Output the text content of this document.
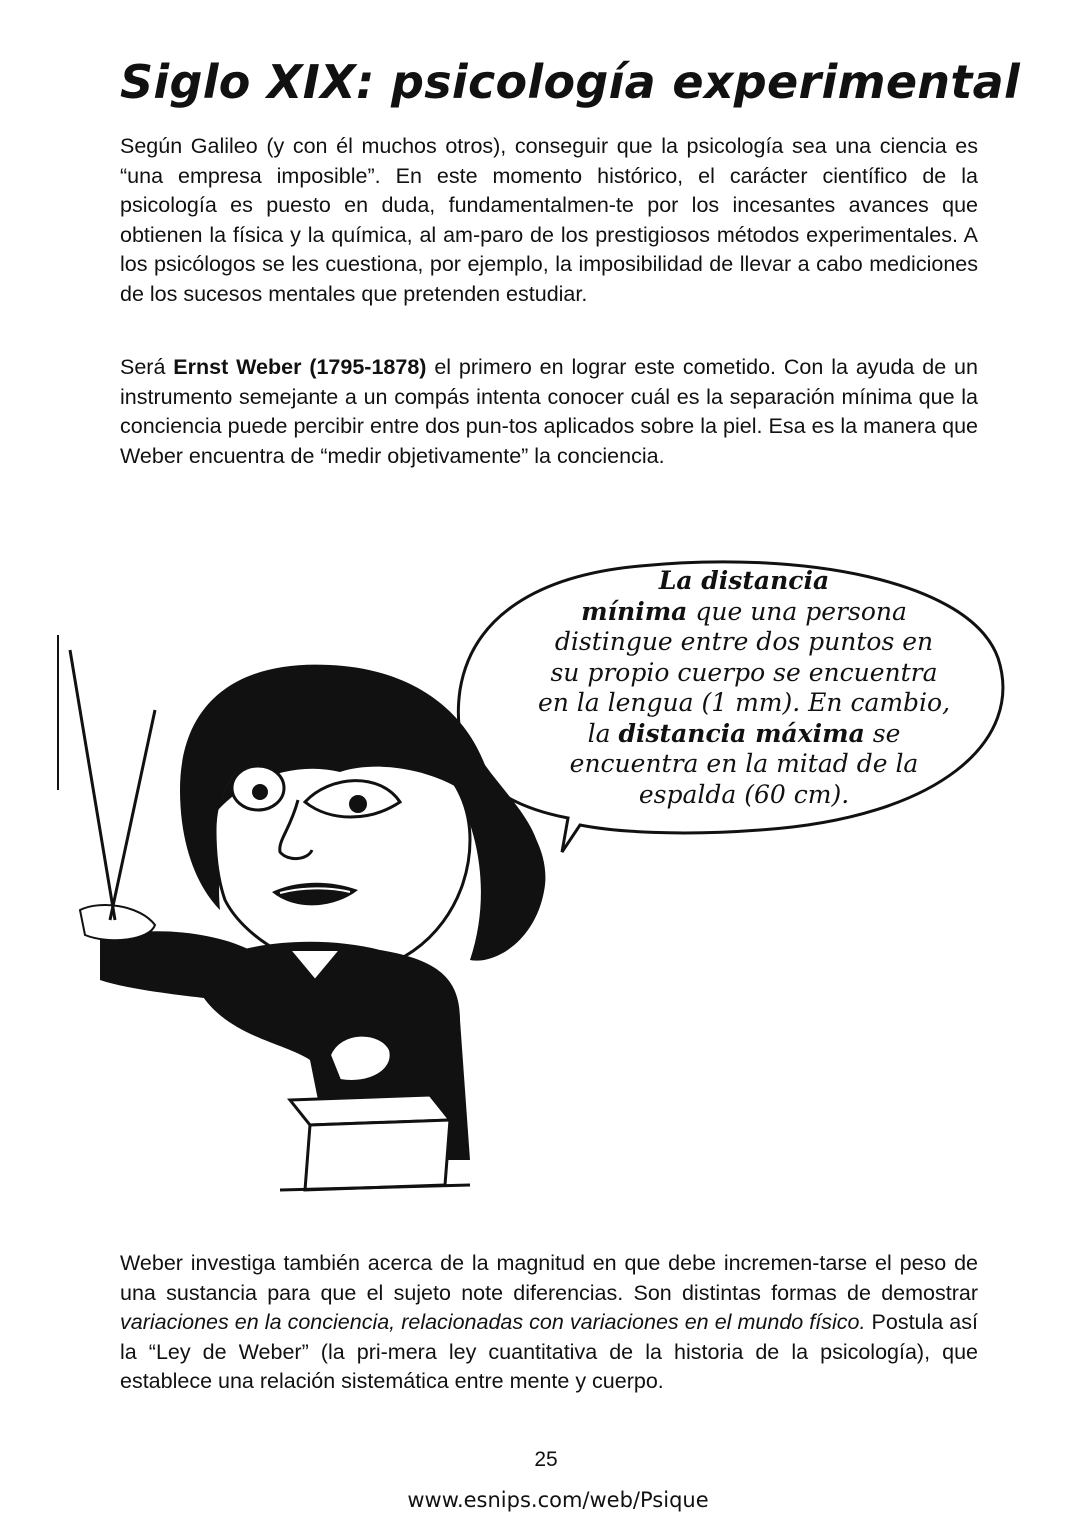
Siglo XIX: psicología experimental

Según Galileo (y con él muchos otros), conseguir que la psicología sea una ciencia es “una empresa imposible”. En este momento histórico, el carácter científico de la psicología es puesto en duda, fundamentalmen-te por los incesantes avances que obtienen la física y la química, al am-paro de los prestigiosos métodos experimentales. A los psicólogos se les cuestiona, por ejemplo, la imposibilidad de llevar a cabo mediciones de los sucesos mentales que pretenden estudiar.

Será Ernst Weber (1795-1878) el primero en lograr este cometido. Con la ayuda de un instrumento semejante a un compás intenta conocer cuál es la separación mínima que la conciencia puede percibir entre dos pun-tos aplicados sobre la piel. Esa es la manera que Weber encuentra de “medir objetivamente” la conciencia.

La distancia
mínima que una persona
distingue entre dos puntos en
su propio cuerpo se encuentra
en la lengua (1 mm). En cambio,
la distancia máxima se
encuentra en la mitad de la
espalda (60 cm).

Weber investiga también acerca de la magnitud en que debe incremen-tarse el peso de una sustancia para que el sujeto note diferencias. Son distintas formas de demostrar variaciones en la conciencia, relacionadas con variaciones en el mundo físico. Postula así la “Ley de Weber” (la pri-mera ley cuantitativa de la historia de la psicología), que establece una relación sistemática entre mente y cuerpo.

25
www.esnips.com/web/Psique
